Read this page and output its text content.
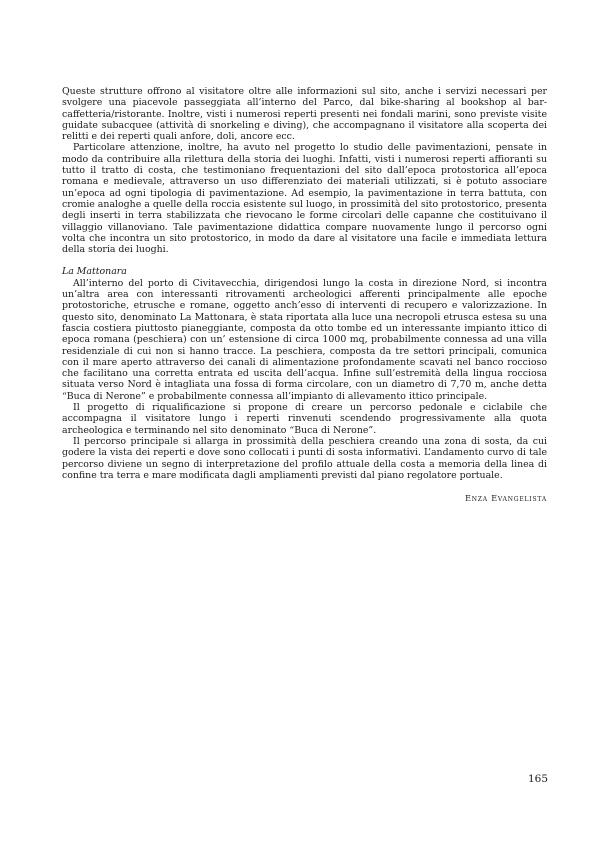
Queste strutture offrono al visitatore oltre alle informazioni sul sito, anche i servizi necessari per svolgere una piacevole passeggiata all’interno del Parco, dal bike-sharing al bookshop al bar-caffetteria/ristorante. Inoltre, visti i numerosi reperti presenti nei fondali marini, sono previste visite guidate subacquee (attività di snorkeling e diving), che accompagnano il visitatore alla scoperta dei relitti e dei reperti quali anfore, doli, ancore ecc.

Particolare attenzione, inoltre, ha avuto nel progetto lo studio delle pavimentazioni, pensate in modo da contribuire alla rilettura della storia dei luoghi. Infatti, visti i numerosi reperti affioranti su tutto il tratto di costa, che testimoniano frequentazioni del sito dall’epoca protostorica all’epoca romana e medievale, attraverso un uso differenziato dei materiali utilizzati, si è potuto associare un’epoca ad ogni tipologia di pavimentazione. Ad esempio, la pavimentazione in terra battuta, con cromie analoghe a quelle della roccia esistente sul luogo, in prossimità del sito protostorico, presenta degli inserti in terra stabilizzata che rievocano le forme circolari delle capanne che costituivano il villaggio villanoviano. Tale pavimentazione didattica compare nuovamente lungo il percorso ogni volta che incontra un sito protostorico, in modo da dare al visitatore una facile e immediata lettura della storia dei luoghi.

La Mattonara

All’interno del porto di Civitavecchia, dirigendosi lungo la costa in direzione Nord, si incontra un’altra area con interessanti ritrovamenti archeologici afferenti principalmente alle epoche protostoriche, etrusche e romane, oggetto anch’esso di interventi di recupero e valorizzazione. In questo sito, denominato La Mattonara, è stata riportata alla luce una necropoli etrusca estesa su una fascia costiera piuttosto pianeggiante, composta da otto tombe ed un interessante impianto ittico di epoca romana (peschiera) con un’ estensione di circa 1000 mq, probabilmente connessa ad una villa residenziale di cui non si hanno tracce. La peschiera, composta da tre settori principali, comunica con il mare aperto attraverso dei canali di alimentazione profondamente scavati nel banco roccioso che facilitano una corretta entrata ed uscita dell’acqua. Infine sull’estremità della lingua rocciosa situata verso Nord è intagliata una fossa di forma circolare, con un diametro di 7,70 m, anche detta “Buca di Nerone” e probabilmente connessa all’impianto di allevamento ittico principale.

Il progetto di riqualificazione si propone di creare un percorso pedonale e ciclabile che accompagna il visitatore lungo i reperti rinvenuti scendendo progressivamente alla quota archeologica e terminando nel sito denominato “Buca di Nerone”.

Il percorso principale si allarga in prossimità della peschiera creando una zona di sosta, da cui godere la vista dei reperti e dove sono collocati i punti di sosta informativi. L’andamento curvo di tale percorso diviene un segno di interpretazione del profilo attuale della costa a memoria della linea di confine tra terra e mare modificata dagli ampliamenti previsti dal piano regolatore portuale.

Enza Evangelista
165
